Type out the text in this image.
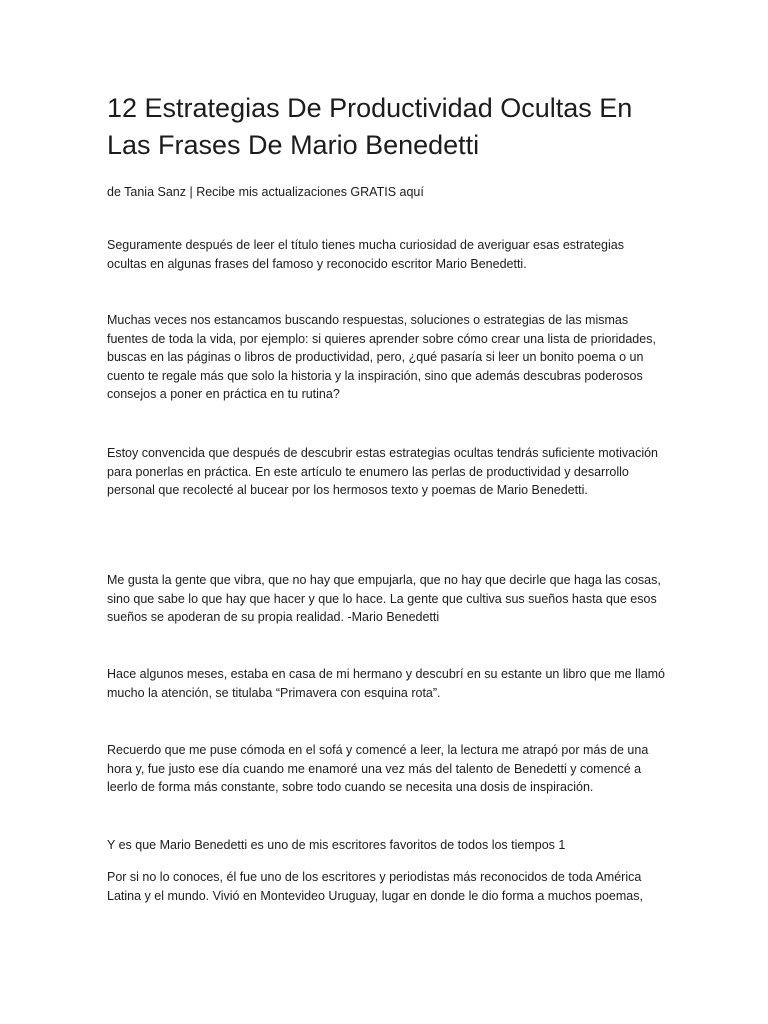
12 Estrategias De Productividad Ocultas En Las Frases De Mario Benedetti
de Tania Sanz | Recibe mis actualizaciones GRATIS aquí

Seguramente después de leer el título tienes mucha curiosidad de averiguar esas estrategias ocultas en algunas frases del famoso y reconocido escritor Mario Benedetti.

Muchas veces nos estancamos buscando respuestas, soluciones o estrategias de las mismas fuentes de toda la vida, por ejemplo: si quieres aprender sobre cómo crear una lista de prioridades, buscas en las páginas o libros de productividad, pero, ¿qué pasaría si leer un bonito poema o un cuento te regale más que solo la historia y la inspiración, sino que además descubras poderosos consejos a poner en práctica en tu rutina?

Estoy convencida que después de descubrir estas estrategias ocultas tendrás suficiente motivación para ponerlas en práctica. En este artículo te enumero las perlas de productividad y desarrollo personal que recolecté al bucear por los hermosos texto y poemas de Mario Benedetti.

Me gusta la gente que vibra, que no hay que empujarla, que no hay que decirle que haga las cosas, sino que sabe lo que hay que hacer y que lo hace. La gente que cultiva sus sueños hasta que esos sueños se apoderan de su propia realidad. -Mario Benedetti

Hace algunos meses, estaba en casa de mi hermano y descubrí en su estante un libro que me llamó mucho la atención, se titulaba “Primavera con esquina rota”.

Recuerdo que me puse cómoda en el sofá y comencé a leer, la lectura me atrapó por más de una hora y, fue justo ese día cuando me enamoré una vez más del talento de Benedetti y comencé a leerlo de forma más constante, sobre todo cuando se necesita una dosis de inspiración.

Y es que Mario Benedetti es uno de mis escritores favoritos de todos los tiempos 1

Por si no lo conoces, él fue uno de los escritores y periodistas más reconocidos de toda América Latina y el mundo. Vivió en Montevideo Uruguay, lugar en donde le dio forma a muchos poemas,
